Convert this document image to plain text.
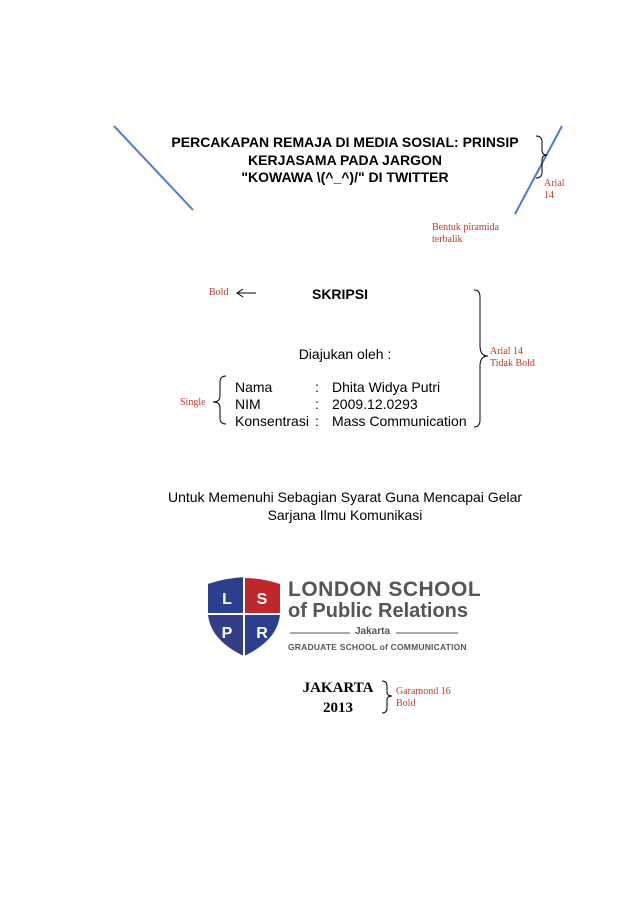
L S
P R
PERCAKAPAN REMAJA DI MEDIA SOSIAL: PRINSIP
KERJASAMA PADA JARGON
"KOWAWA \(^_^)/" DI TWITTER	Arial
14
Bentuk piramida
terbalik
Bold
Arial 14
Tidak Bold
Single
Garamond 16
Bold
SKRIPSI
Diajukan oleh :
Nama	: Dhita Widya Putri
NIM	: 2009.12.0293
Konsentrasi : Mass Communication
Untuk Memenuhi Sebagian Syarat Guna Mencapai Gelar
Sarjana Ilmu Komunikasi
LONDON SCHOOL
of Public Relations
Jakarta
GRADUATE SCHOOL of COMMUNICATION
JAKARTA
2013
